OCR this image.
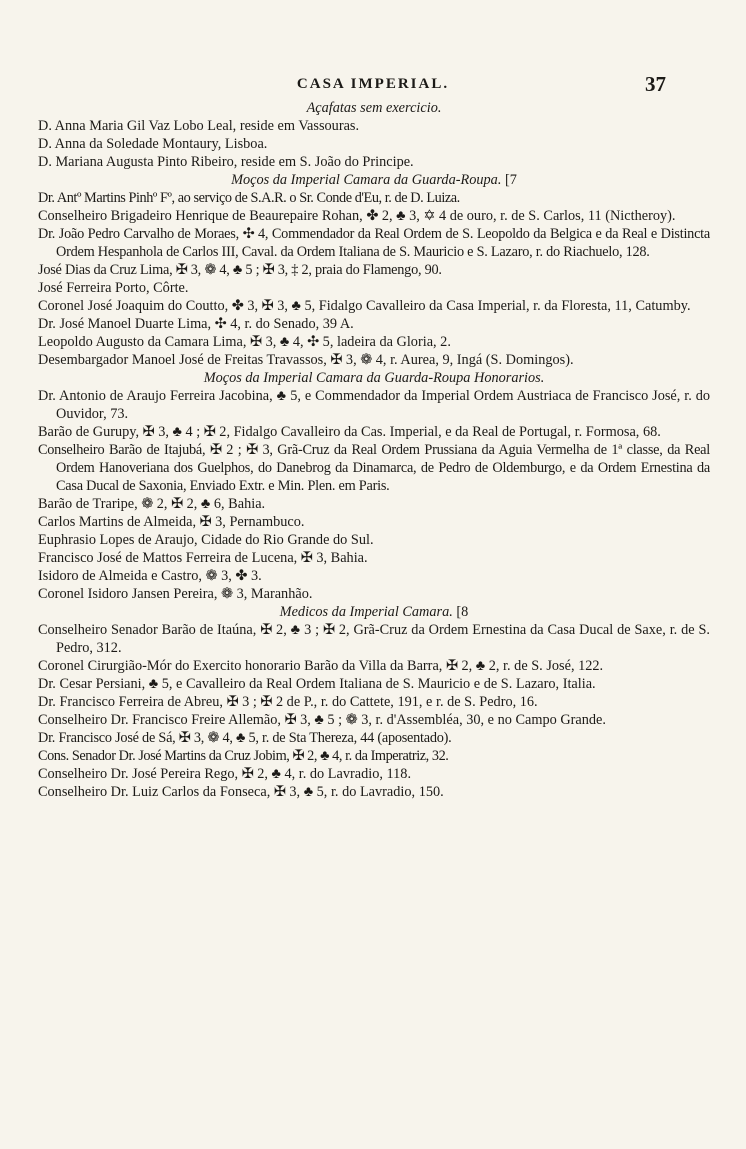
CASA IMPERIAL.	37
Açafatas sem exercicio.
D. Anna Maria Gil Vaz Lobo Leal, reside em Vassouras.
D. Anna da Soledade Montaury, Lisboa.
D. Mariana Augusta Pinto Ribeiro, reside em S. João do Principe.
Moços da Imperial Camara da Guarda-Roupa. [7
Dr. Antº Martins Pinhº Fº, ao serviço de S.A.R. o Sr. Conde d'Eu, r. de D. Luiza.
Conselheiro Brigadeiro Henrique de Beaurepaire Rohan, ✤ 2, ♣ 3, ✡ 4 de ouro, r. de S. Carlos, 11 (Nictheroy).
Dr. João Pedro Carvalho de Moraes, ✣ 4, Commendador da Real Ordem de S. Leopoldo da Belgica e da Real e Distincta Ordem Hespanhola de Carlos III, Caval. da Ordem Italiana de S. Mauricio e S. Lazaro, r. do Riachuelo, 128.
José Dias da Cruz Lima, ✠ 3, ❁ 4, ♣ 5 ; ✠ 3, ‡ 2, praia do Flamengo, 90.
José Ferreira Porto, Côrte.
Coronel José Joaquim do Coutto, ✤ 3, ✠ 3, ♣ 5, Fidalgo Cavalleiro da Casa Imperial, r. da Floresta, 11, Catumby.
Dr. José Manoel Duarte Lima, ✣ 4, r. do Senado, 39 A.
Leopoldo Augusto da Camara Lima, ✠ 3, ♣ 4, ✣ 5, ladeira da Gloria, 2.
Desembargador Manoel José de Freitas Travassos, ✠ 3, ❁ 4, r. Aurea, 9, Ingá (S. Domingos).
Moços da Imperial Camara da Guarda-Roupa Honorarios.
Dr. Antonio de Araujo Ferreira Jacobina, ♣ 5, e Commendador da Imperial Ordem Austriaca de Francisco José, r. do Ouvidor, 73.
Barão de Gurupy, ✠ 3, ♣ 4 ; ✠ 2, Fidalgo Cavalleiro da Cas. Imperial, e da Real de Portugal, r. Formosa, 68.
Conselheiro Barão de Itajubá, ✠ 2 ; ✠ 3, Grã-Cruz da Real Ordem Prussiana da Aguia Vermelha de 1ª classe, da Real Ordem Hanoveriana dos Guelphos, do Danebrog da Dinamarca, de Pedro de Oldemburgo, e da Ordem Ernestina da Casa Ducal de Saxonia, Enviado Extr. e Min. Plen. em Paris.
Barão de Traripe, ❁ 2, ✠ 2, ♣ 6, Bahia.
Carlos Martins de Almeida, ✠ 3, Pernambuco.
Euphrasio Lopes de Araujo, Cidade do Rio Grande do Sul.
Francisco José de Mattos Ferreira de Lucena, ✠ 3, Bahia.
Isidoro de Almeida e Castro, ❁ 3, ✤ 3.
Coronel Isidoro Jansen Pereira, ❁ 3, Maranhão.
Medicos da Imperial Camara. [8
Conselheiro Senador Barão de Itaúna, ✠ 2, ♣ 3 ; ✠ 2, Grã-Cruz da Ordem Ernestina da Casa Ducal de Saxe, r. de S. Pedro, 312.
Coronel Cirurgião-Mór do Exercito honorario Barão da Villa da Barra, ✠ 2, ♣ 2, r. de S. José, 122.
Dr. Cesar Persiani, ♣ 5, e Cavalleiro da Real Ordem Italiana de S. Mauricio e de S. Lazaro, Italia.
Dr. Francisco Ferreira de Abreu, ✠ 3 ; ✠ 2 de P., r. do Cattete, 191, e r. de S. Pedro, 16.
Conselheiro Dr. Francisco Freire Allemão, ✠ 3, ♣ 5 ; ❁ 3, r. d'Assembléa, 30, e no Campo Grande.
Dr. Francisco José de Sá, ✠ 3, ❁ 4, ♣ 5, r. de Sta Thereza, 44 (aposentado).
Cons. Senador Dr. José Martins da Cruz Jobim, ✠ 2, ♣ 4, r. da Imperatriz, 32.
Conselheiro Dr. José Pereira Rego, ✠ 2, ♣ 4, r. do Lavradio, 118.
Conselheiro Dr. Luiz Carlos da Fonseca, ✠ 3, ♣ 5, r. do Lavradio, 150.
